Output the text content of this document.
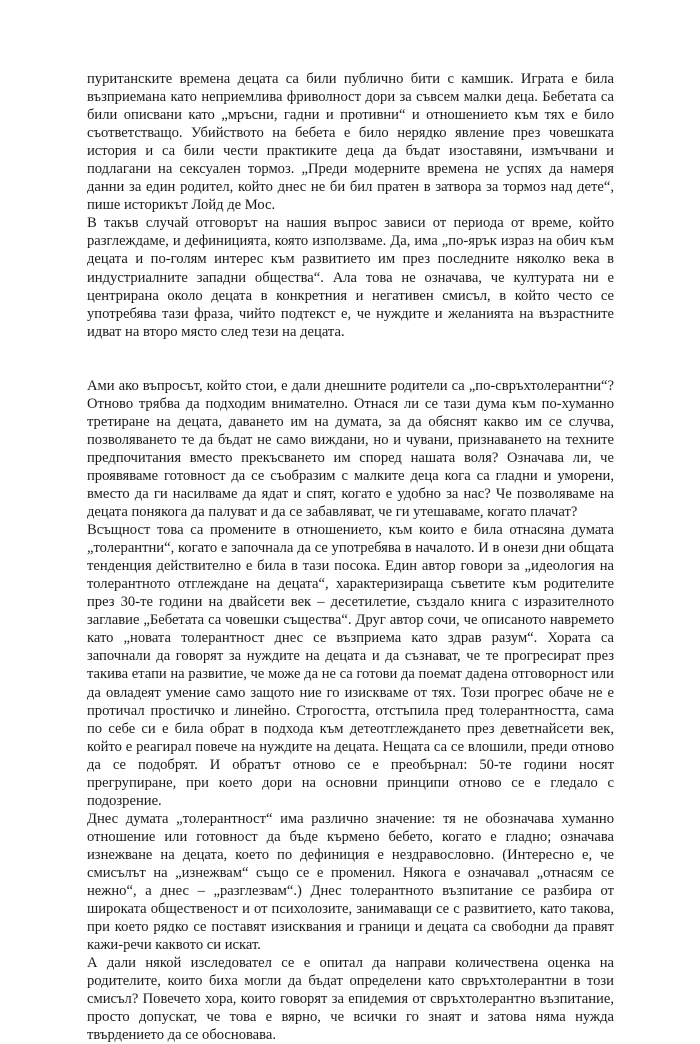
пуританските времена децата са били публично бити с камшик. Играта е била възприемана като неприемлива фриволност дори за съвсем малки деца. Бебетата са били описвани като „мръсни, гадни и противни“ и отношението към тях е било съответстващо. Убийството на бебета е било нерядко явление през човешката история и са били чести практиките деца да бъдат изоставяни, измъчвани и подлагани на сексуален тормоз. „Преди модерните времена не успях да намеря данни за един родител, който днес не би бил пратен в затвора за тормоз над дете“, пише историкът Лойд де Мос.

В такъв случай отговорът на нашия въпрос зависи от периода от време, който разглеждаме, и дефиницията, която използваме. Да, има „по-ярък израз на обич към децата и по-голям интерес към развитието им през последните няколко века в индустриалните западни общества“. Ала това не означава, че културата ни е центрирана около децата в конкретния и негативен смисъл, в който често се употребява тази фраза, чийто подтекст е, че нуждите и желанията на възрастните идват на второ място след тези на децата.

Ами ако въпросът, който стои, е дали днешните родители са „по-свръхтолерантни“? Отново трябва да подходим внимателно. Отнася ли се тази дума към по-хуманно третиране на децата, даването им на думата, за да обяснят какво им се случва, позволяването те да бъдат не само виждани, но и чувани, признаването на техните предпочитания вместо прекъсването им според нашата воля? Означава ли, че проявяваме готовност да се съобразим с малките деца кога са гладни и уморени, вместо да ги насилваме да ядат и спят, когато е удобно за нас? Че позволяваме на децата понякога да палуват и да се забавляват, че ги утешаваме, когато плачат?

Всъщност това са промените в отношението, към които е била отнасяна думата „толерантни“, когато е започнала да се употребява в началото. И в онези дни общата тенденция действително е била в тази посока. Един автор говори за „идеология на толерантното отглеждане на децата“, характеризираща съветите към родителите през 30-те години на двайсети век – десетилетие, създало книга с изразителното заглавие „Бебетата са човешки същества“. Друг автор сочи, че описаното навремето като „новата толерантност днес се възприема като здрав разум“. Хората са започнали да говорят за нуждите на децата и да съзнават, че те прогресират през такива етапи на развитие, че може да не са готови да поемат дадена отговорност или да овладеят умение само защото ние го изискваме от тях. Този прогрес обаче не е протичал простичко и линейно. Строгостта, отстъпила пред толерантността, сама по себе си е била обрат в подхода към детеотглеждането през деветнайсети век, който е реагирал повече на нуждите на децата. Нещата са се влошили, преди отново да се подобрят. И обратът отново се е преобърнал: 50-те години носят прегрупиране, при което дори на основни принципи отново се е гледало с подозрение.

Днес думата „толерантност“ има различно значение: тя не обозначава хуманно отношение или готовност да бъде кърмено бебето, когато е гладно; означава изнежване на децата, което по дефиниция е нездравословно. (Интересно е, че смисълът на „изнежвам“ също се е променил. Някога е означавал „отнасям се нежно“, а днес – „разглезвам“.) Днес толерантното възпитание се разбира от широката общественост и от психолозите, занимаващи се с развитието, като такова, при което рядко се поставят изисквания и граници и децата са свободни да правят кажи-речи каквото си искат.

А дали някой изследовател се е опитал да направи количествена оценка на родителите, които биха могли да бъдат определени като свръхтолерантни в този смисъл? Повечето хора, които говорят за епидемия от свръхтолерантно възпитание, просто допускат, че това е вярно, че всички го знаят и затова няма нужда твърдението да се обосновава.
